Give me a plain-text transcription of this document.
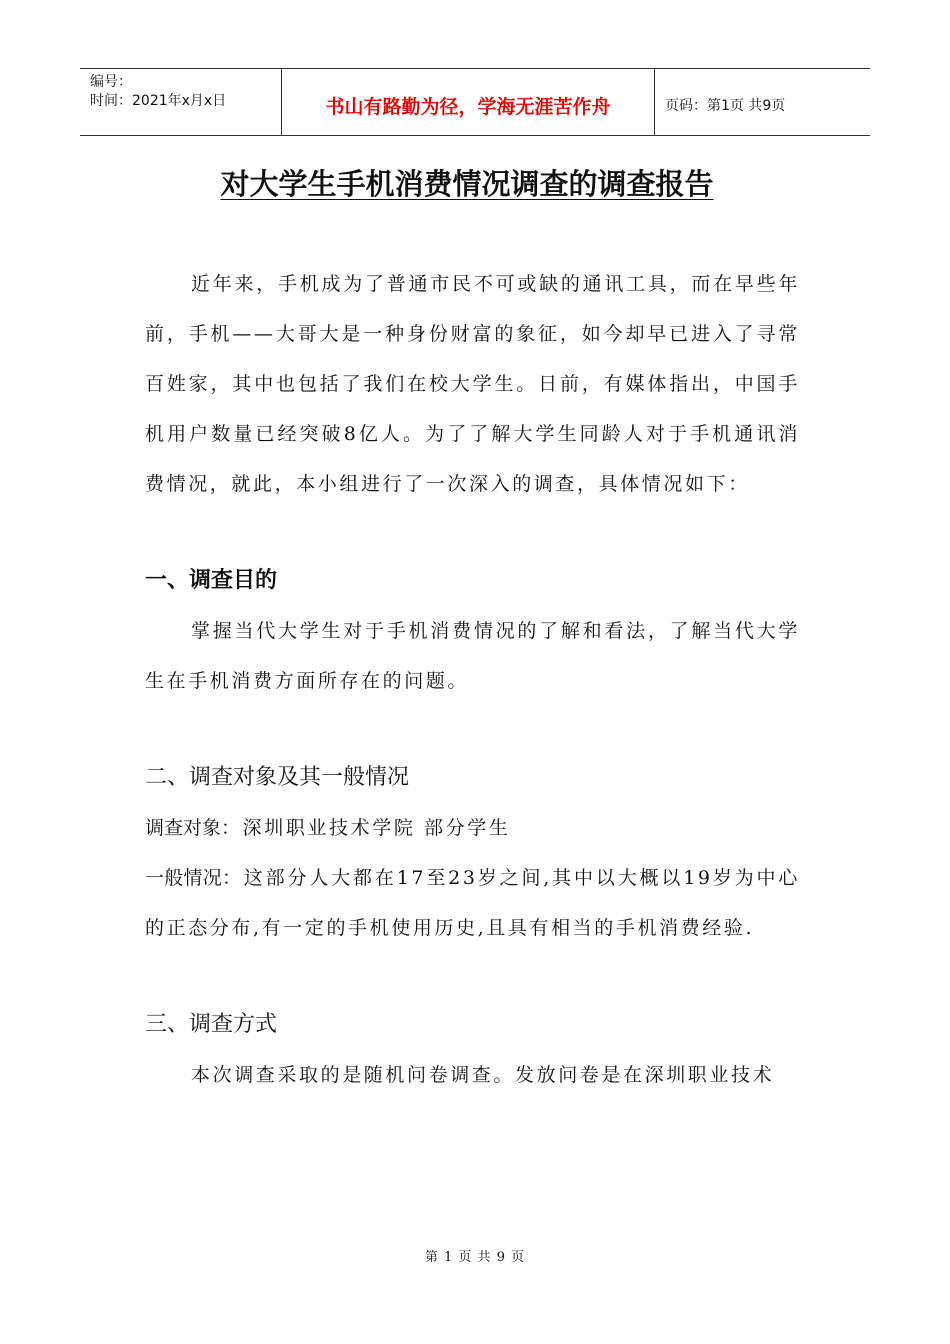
编号：
时间：2021年x月x日	书山有路勤为径，学海无涯苦作舟	页码：第1页 共9页
对大学生手机消费情况调查的调查报告

近年来，手机成为了普通市民不可或缺的通讯工具，而在早些年前，手机——大哥大是一种身份财富的象征，如今却早已进入了寻常百姓家，其中也包括了我们在校大学生。日前，有媒体指出，中国手机用户数量已经突破8亿人。为了了解大学生同龄人对于手机通讯消费情况，就此，本小组进行了一次深入的调查，具体情况如下：

一、调查目的

掌握当代大学生对于手机消费情况的了解和看法，了解当代大学生在手机消费方面所存在的问题。

二、调查对象及其一般情况

调查对象：深圳职业技术学院 部分学生

一般情况：这部分人大都在17至23岁之间,其中以大概以19岁为中心的正态分布,有一定的手机使用历史,且具有相当的手机消费经验.

三、调查方式

本次调查采取的是随机问卷调查。发放问卷是在深圳职业技术

第 1 页 共 9 页
